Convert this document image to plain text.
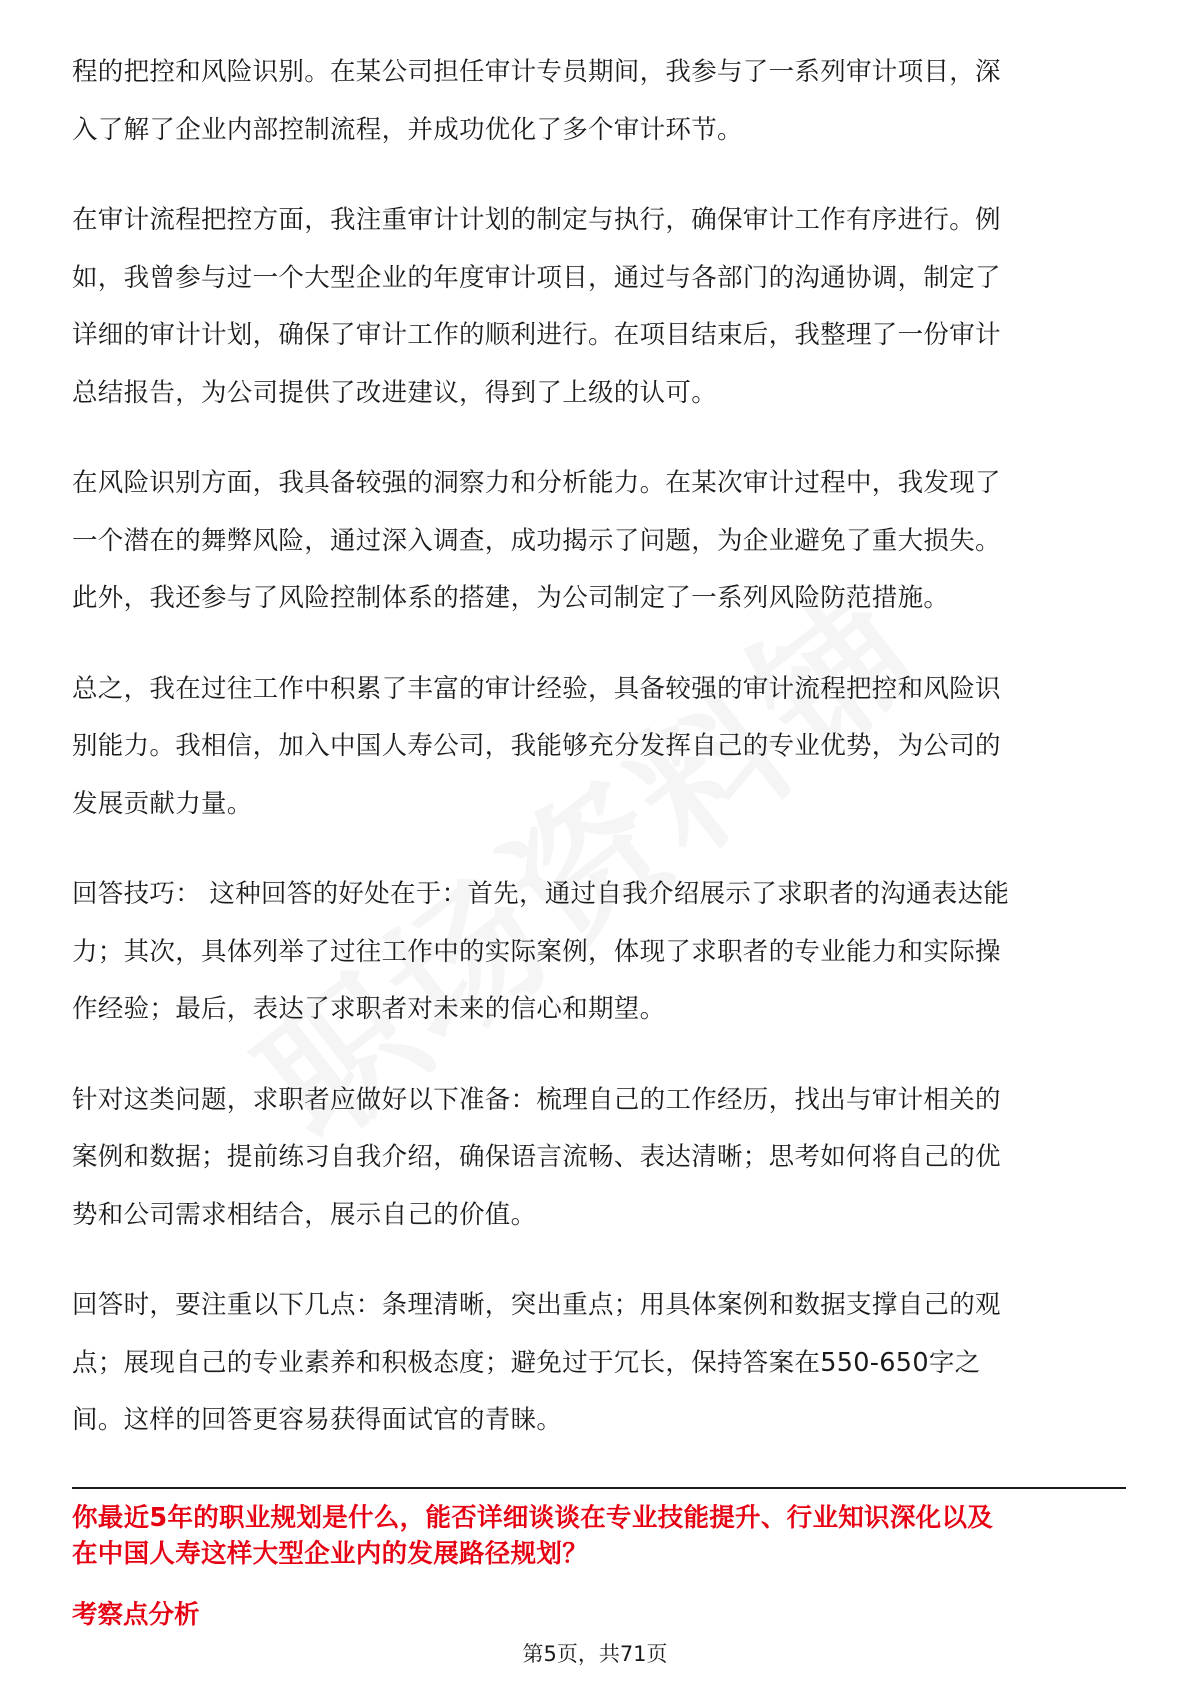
程的把控和风险识别。在某公司担任审计专员期间，我参与了一系列审计项目，深
入了解了企业内部控制流程，并成功优化了多个审计环节。

在审计流程把控方面，我注重审计计划的制定与执行，确保审计工作有序进行。例
如，我曾参与过一个大型企业的年度审计项目，通过与各部门的沟通协调，制定了
详细的审计计划，确保了审计工作的顺利进行。在项目结束后，我整理了一份审计
总结报告，为公司提供了改进建议，得到了上级的认可。

在风险识别方面，我具备较强的洞察力和分析能力。在某次审计过程中，我发现了
一个潜在的舞弊风险，通过深入调查，成功揭示了问题，为企业避免了重大损失。
此外，我还参与了风险控制体系的搭建，为公司制定了一系列风险防范措施。

总之，我在过往工作中积累了丰富的审计经验，具备较强的审计流程把控和风险识
别能力。我相信，加入中国人寿公司，我能够充分发挥自己的专业优势，为公司的
发展贡献力量。

回答技巧： 这种回答的好处在于：首先，通过自我介绍展示了求职者的沟通表达能
力；其次，具体列举了过往工作中的实际案例，体现了求职者的专业能力和实际操
作经验；最后，表达了求职者对未来的信心和期望。

针对这类问题，求职者应做好以下准备：梳理自己的工作经历，找出与审计相关的
案例和数据；提前练习自我介绍，确保语言流畅、表达清晰；思考如何将自己的优
势和公司需求相结合，展示自己的价值。

回答时，要注重以下几点：条理清晰，突出重点；用具体案例和数据支撑自己的观
点；展现自己的专业素养和积极态度；避免过于冗长，保持答案在550-650字之
间。这样的回答更容易获得面试官的青睐。

你最近5年的职业规划是什么，能否详细谈谈在专业技能提升、行业知识深化以及
在中国人寿这样大型企业内的发展路径规划？
考察点分析
第5页，共71页
